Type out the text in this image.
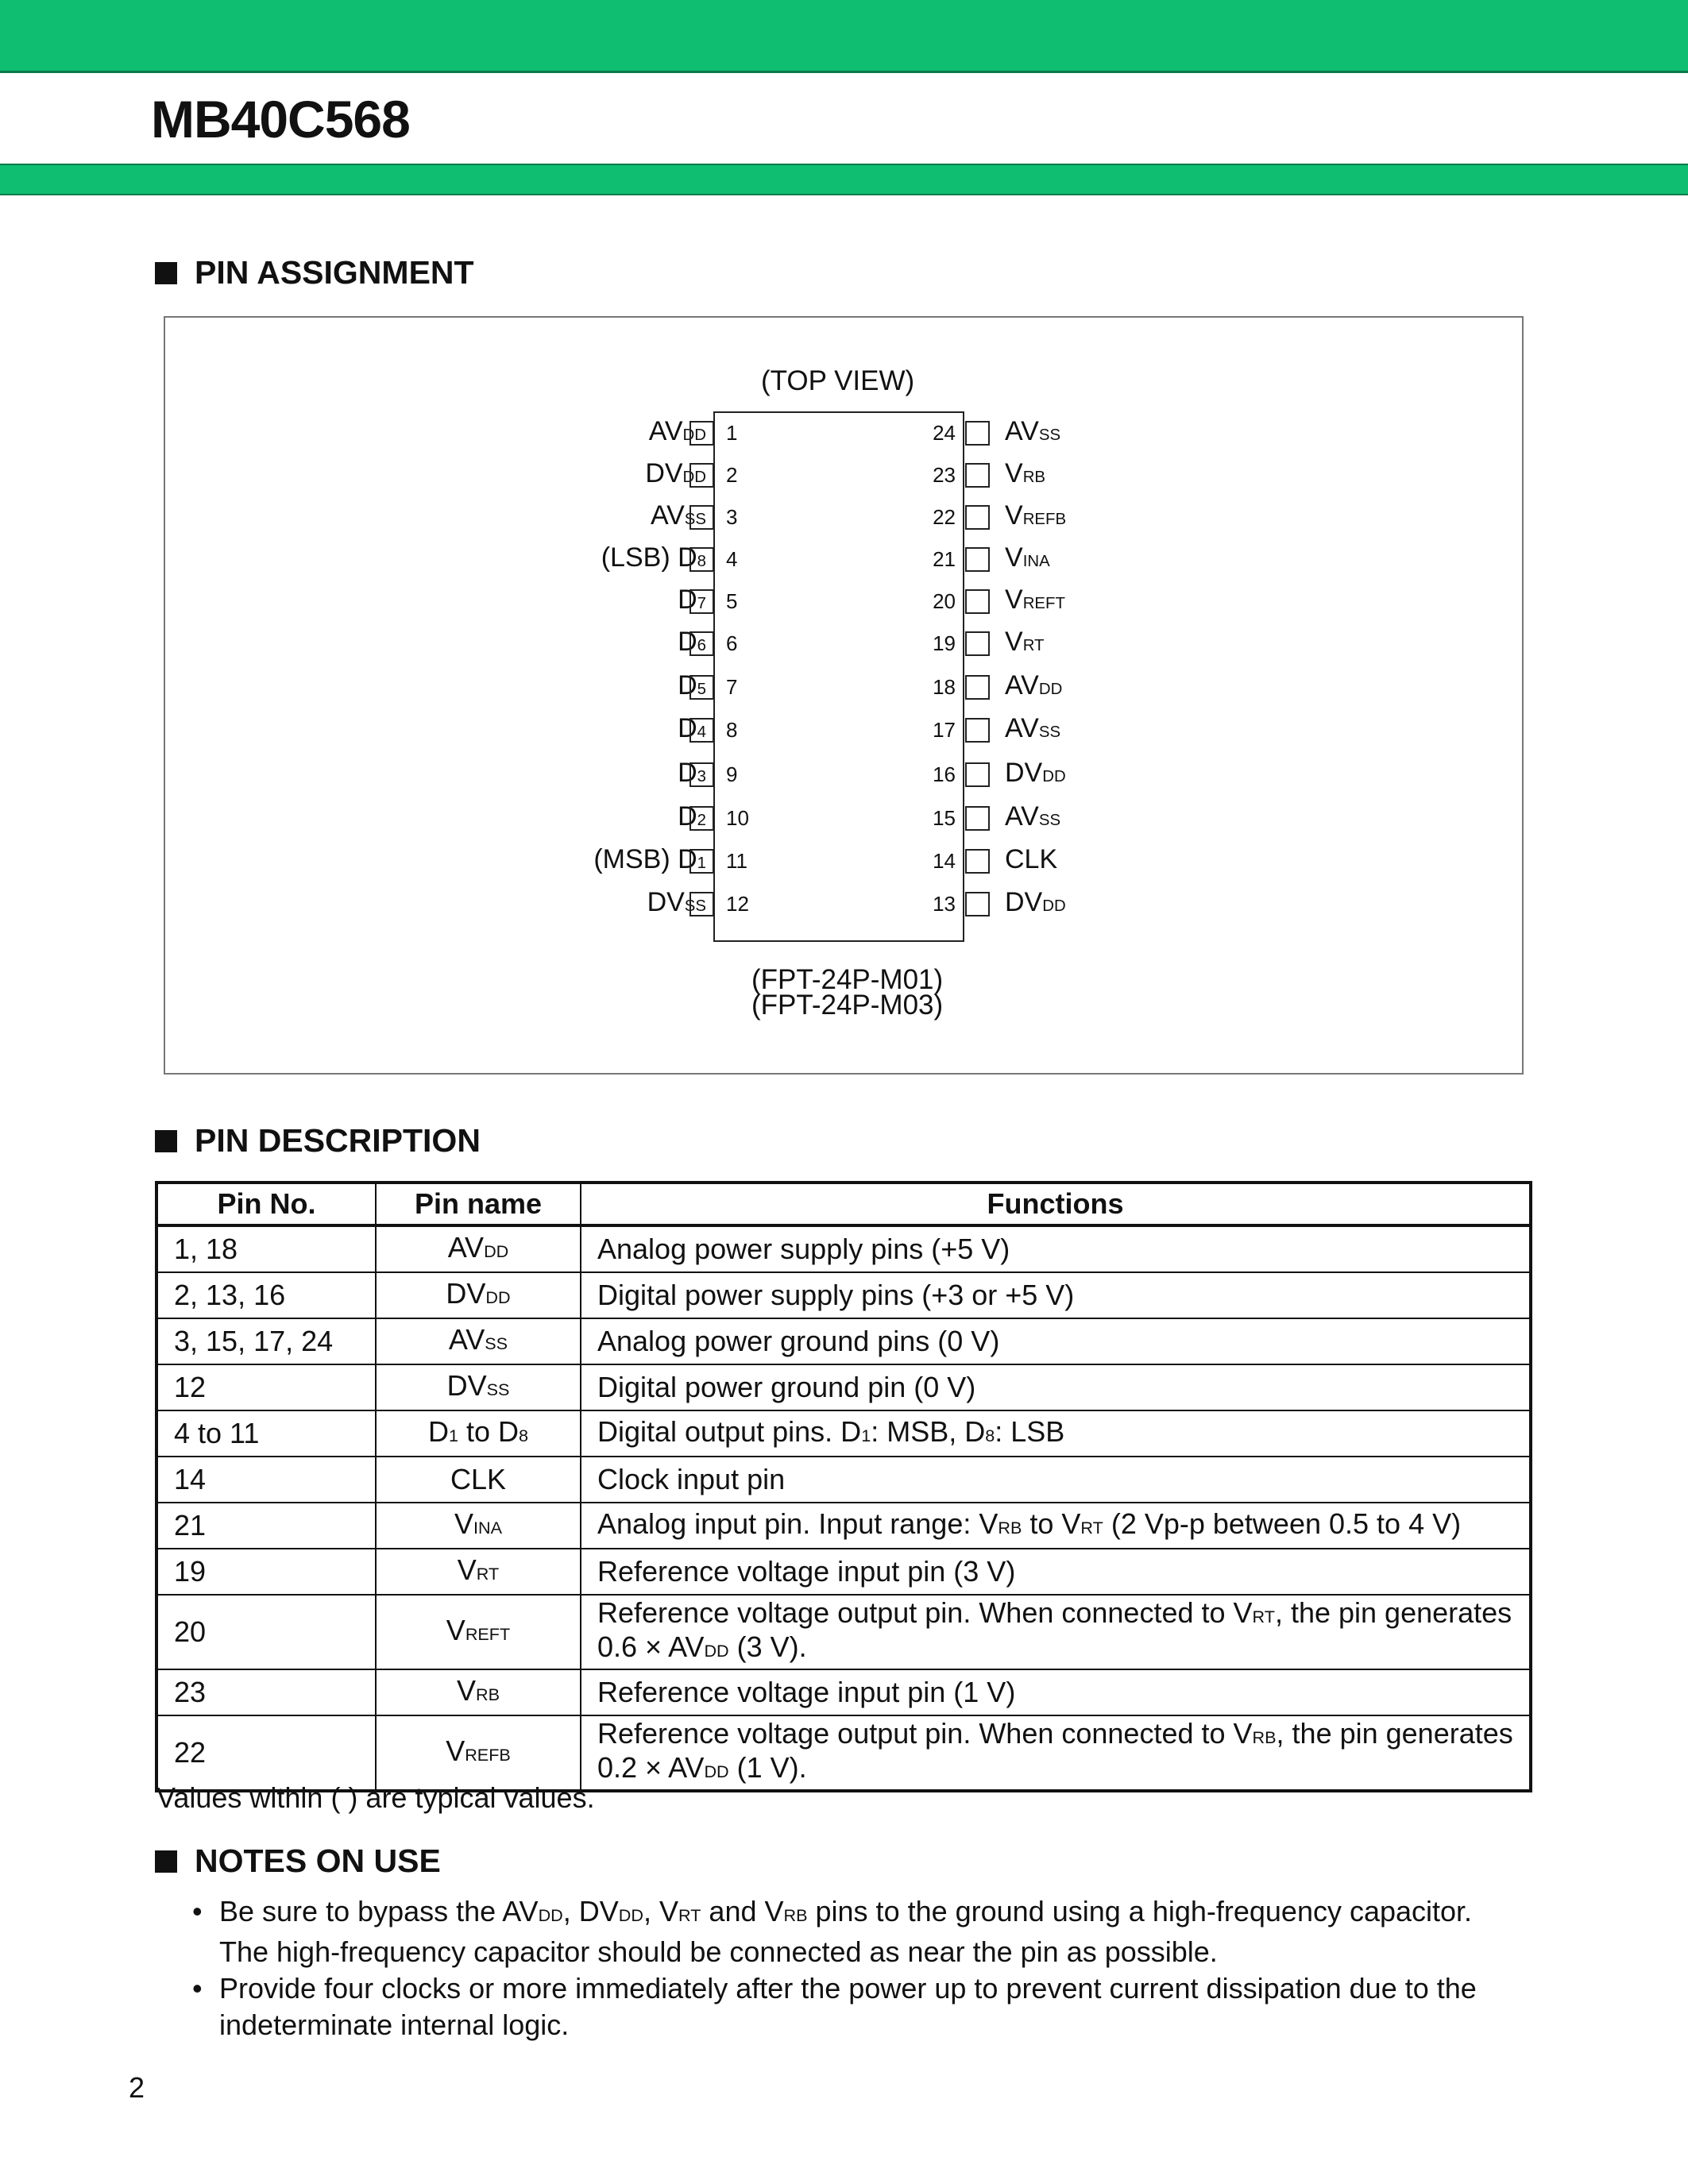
MB40C568
PIN ASSIGNMENT
(TOP VIEW)
AVDD 1
DVDD 2
AVSS 3
(LSB) D8 4
D7 5
D6 6
D5 7
D4 8
D3 9
D2 10
(MSB) D1 11
DVSS 12
24 AVSS
23 VRB
22 VREFB
21 VINA
20 VREFT
19 VRT
18 AVDD
17 AVSS
16 DVDD
15 AVSS
14 CLK
13 DVDD
(FPT-24P-M01)
(FPT-24P-M03)
PIN DESCRIPTION
Pin No.	Pin name	Functions
1, 18	AVDD	Analog power supply pins (+5 V)
2, 13, 16	DVDD	Digital power supply pins (+3 or +5 V)
3, 15, 17, 24	AVSS	Analog power ground pins (0 V)
12	DVSS	Digital power ground pin (0 V)
4 to 11	D1 to D8	Digital output pins. D1: MSB, D8: LSB
14	CLK	Clock input pin
21	VINA	Analog input pin. Input range: VRB to VRT (2 Vp-p between 0.5 to 4 V)
19	VRT	Reference voltage input pin (3 V)
20	VREFT	Reference voltage output pin. When connected to VRT, the pin generates
0.6 × AVDD (3 V).
23	VRB	Reference voltage input pin (1 V)
22	VREFB	Reference voltage output pin. When connected to VRB, the pin generates
0.2 × AVDD (1 V).

Values within ( ) are typical values.

NOTES ON USE
• Be sure to bypass the AVDD, DVDD, VRT and VRB pins to the ground using a high-frequency capacitor.
The high-frequency capacitor should be connected as near the pin as possible.
• Provide four clocks or more immediately after the power up to prevent current dissipation due to the
indeterminate internal logic.

2
